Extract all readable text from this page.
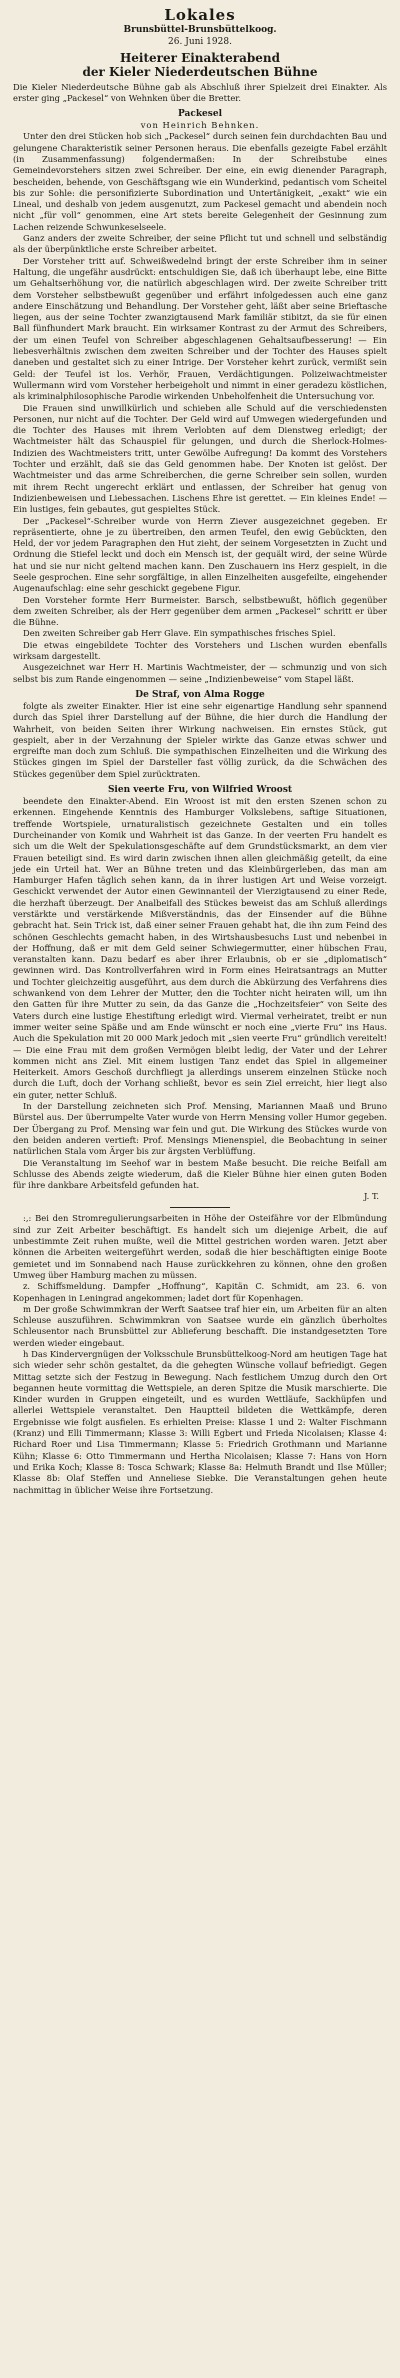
Lokales
Brunsbüttel-Brunsbüttelkoog.
26. Juni 1928.
Heiterer Einakterabend
der Kieler Niederdeutschen Bühne

Die Kieler Niederdeutsche Bühne gab als Abschluß ihrer Spielzeit drei Einakter. Als erster ging „Packesel“ von Wehnken über die Bretter.

Packesel
von Heinrich Behnken.

Unter den drei Stücken hob sich „Packesel“ durch seinen fein durchdachten Bau und gelungene Charakteristik seiner Personen heraus. Die ebenfalls gezeigte Fabel erzählt (in Zusammenfassung) folgendermaßen: In der Schreibstube eines Gemeindevorstehers sitzen zwei Schreiber. Der eine, ein ewig dienender Paragraph, bescheiden, behende, von Geschäftsgang wie ein Wunderkind, pedantisch vom Scheitel bis zur Sohle: die personifizierte Subordination und Untertänigkeit, „exakt“ wie ein Lineal, und deshalb von jedem ausgenutzt, zum Packesel gemacht und abendein noch nicht „für voll“ genommen, eine Art stets bereite Gelegenheit der Gesinnung zum Lachen reizende Schwunkeselseele.

Ganz anders der zweite Schreiber, der seine Pflicht tut und schnell und selbständig als der überpünktliche erste Schreiber arbeitet.

Der Vorsteher tritt auf. Schweißwedelnd bringt der erste Schreiber ihm in seiner Haltung, die ungefähr ausdrückt: entschuldigen Sie, daß ich überhaupt lebe, eine Bitte um Gehaltserhöhung vor, die natürlich abgeschlagen wird. Der zweite Schreiber tritt dem Vorsteher selbstbewußt gegenüber und erfährt infolgedessen auch eine ganz andere Einschätzung und Behandlung. Der Vorsteher geht, läßt aber seine Brieftasche liegen, aus der seine Tochter zwanzigtausend Mark familiär stibitzt, da sie für einen Ball fünfhundert Mark braucht. Ein wirksamer Kontrast zu der Armut des Schreibers, der um einen Teufel von Schreiber abgeschlagenen Gehaltsaufbesserung! — Ein liebesverhältnis zwischen dem zweiten Schreiber und der Tochter des Hauses spielt daneben und gestaltet sich zu einer Intrige. Der Vorsteher kehrt zurück, vermißt sein Geld: der Teufel ist los. Verhör, Frauen, Verdächtigungen. Polizeiwachtmeister Wullermann wird vom Vorsteher herbeigeholt und nimmt in einer geradezu köstlichen, als kriminalphilosophische Parodie wirkenden Unbeholfenheit die Untersuchung vor.

Die Frauen sind unwillkürlich und schieben alle Schuld auf die verschiedensten Personen, nur nicht auf die Tochter. Der Geld wird auf Umwegen wiedergefunden und die Tochter des Hauses mit ihrem Verlobten auf dem Dienstweg erledigt; der Wachtmeister hält das Schauspiel für gelungen, und durch die Sherlock-Holmes-Indizien des Wachtmeisters tritt, unter Gewölbe Aufregung! Da kommt des Vorstehers Tochter und erzählt, daß sie das Geld genommen habe. Der Knoten ist gelöst. Der Wachtmeister und das arme Schreiberchen, die gerne Schreiber sein sollen, wurden mit ihrem Recht ungerecht erklärt und entlassen, der Schreiber hat genug von Indizienbeweisen und Liebessachen. Lischens Ehre ist gerettet. — Ein kleines Ende! — Ein lustiges, fein gebautes, gut gespieltes Stück.

Der „Packesel“-Schreiber wurde von Herrn Ziever ausgezeichnet gegeben. Er repräsentierte, ohne je zu übertreiben, den armen Teufel, den ewig Gebückten, den Held, der vor jedem Paragraphen den Hut zieht, der seinem Vorgesetzten in Zucht und Ordnung die Stiefel leckt und doch ein Mensch ist, der gequält wird, der seine Würde hat und sie nur nicht geltend machen kann. Den Zuschauern ins Herz gespielt, in die Seele gesprochen. Eine sehr sorgfältige, in allen Einzelheiten ausgefeilte, eingehender Augenaufschlag: eine sehr geschickt gegebene Figur.

Den Vorsteher formte Herr Burmeister. Barsch, selbstbewußt, höflich gegenüber dem zweiten Schreiber, als der Herr gegenüber dem armen „Packesel“ schritt er über die Bühne.

Den zweiten Schreiber gab Herr Glave. Ein sympathisches frisches Spiel.

Die etwas eingebildete Tochter des Vorstehers und Lischen wurden ebenfalls wirksam dargestellt.

Ausgezeichnet war Herr H. Martinis Wachtmeister, der — schmunzig und von sich selbst bis zum Rande eingenommen — seine „Indizienbeweise“ vom Stapel läßt.

De Straf, von Alma Rogge

folgte als zweiter Einakter. Hier ist eine sehr eigenartige Handlung sehr spannend durch das Spiel ihrer Darstellung auf der Bühne, die hier durch die Handlung der Wahrheit, von beiden Seiten ihrer Wirkung nachweisen. Ein ernstes Stück, gut gespielt, aber in der Verzahnung der Spieler wirkte das Ganze etwas schwer und ergreifte man doch zum Schluß. Die sympathischen Einzelheiten und die Wirkung des Stückes gingen im Spiel der Darsteller fast völlig zurück, da die Schwächen des Stückes gegenüber dem Spiel zurücktraten.

Sien veerte Fru, von Wilfried Wroost

beendete den Einakter-Abend. Ein Wroost ist mit den ersten Szenen schon zu erkennen. Eingehende Kenntnis des Hamburger Volkslebens, saftige Situationen, treffende Wortspiele, urnaturalistisch gezeichnete Gestalten und ein tolles Durcheinander von Komik und Wahrheit ist das Ganze. In der veerten Fru handelt es sich um die Welt der Spekulationsgeschäfte auf dem Grundstücksmarkt, an dem vier Frauen beteiligt sind. Es wird darin zwischen ihnen allen gleichmäßig geteilt, da eine jede ein Urteil hat. Wer an Bühne treten und das Kleinbürgerleben, das man am Hamburger Hafen täglich sehen kann, da in ihrer lustigen Art und Weise vorzeigt. Geschickt verwendet der Autor einen Gewinnanteil der Vierzigtausend zu einer Rede, die herzhaft überzeugt. Der Analbeifall des Stückes beweist das am Schluß allerdings verstärkte und verstärkende Mißverständnis, das der Einsender auf die Bühne gebracht hat. Sein Trick ist, daß einer seiner Frauen gehabt hat, die ihn zum Feind des schönen Geschlechts gemacht haben, in des Wirtshausbesuchs Lust und nebenbei in der Hoffnung, daß er mit dem Geld seiner Schwiegermutter, einer hübschen Frau, veranstalten kann. Dazu bedarf es aber ihrer Erlaubnis, ob er sie „diplomatisch“ gewinnen wird. Das Kontrollverfahren wird in Form eines Heiratsantrags an Mutter und Tochter gleichzeitig ausgeführt, aus dem durch die Abkürzung des Verfahrens dies schwankend von dem Lehrer der Mutter, den die Tochter nicht heiraten will, um ihn den Gatten für ihre Mutter zu sein, da das Ganze die „Hochzeitsfeier“ von Seite des Vaters durch eine lustige Ehestiftung erledigt wird. Viermal verheiratet, treibt er nun immer weiter seine Späße und am Ende wünscht er noch eine „vierte Fru“ ins Haus. Auch die Spekulation mit 20 000 Mark jedoch mit „sien veerte Fru“ gründlich vereitelt! — Die eine Frau mit dem großen Vermögen bleibt ledig, der Vater und der Lehrer kommen nicht ans Ziel. Mit einem lustigen Tanz endet das Spiel in allgemeiner Heiterkeit. Amors Geschoß durchfliegt ja allerdings unserem einzelnen Stücke noch durch die Luft, doch der Vorhang schließt, bevor es sein Ziel erreicht, hier liegt also ein guter, netter Schluß.

In der Darstellung zeichneten sich Prof. Mensing, Mariannen Maaß und Bruno Bürstel aus. Der überrumpelte Vater wurde von Herrn Mensing voller Humor gegeben. Der Übergang zu Prof. Mensing war fein und gut. Die Wirkung des Stückes wurde von den beiden anderen vertieft: Prof. Mensings Mienenspiel, die Beobachtung in seiner natürlichen Stala vom Ärger bis zur ärgsten Verblüffung.

Die Veranstaltung im Seehof war in bestem Maße besucht. Die reiche Beifall am Schlusse des Abends zeigte wiederum, daß die Kieler Bühne hier einen guten Boden für ihre dankbare Arbeitsfeld gefunden hat.

J. T.

:,: Bei den Stromregulierungsarbeiten in Höhe der Osteifähre vor der Elbmündung sind zur Zeit Arbeiter beschäftigt. Es handelt sich um diejenige Arbeit, die auf unbestimmte Zeit ruhen mußte, weil die Mittel gestrichen worden waren. Jetzt aber können die Arbeiten weitergeführt werden, sodaß die hier beschäftigten einige Boote gemietet und im Sonnabend nach Hause zurückkehren zu können, ohne den großen Umweg über Hamburg machen zu müssen.

z. Schiffsmeldung. Dampfer „Hoffnung“, Kapitän C. Schmidt, am 23. 6. von Kopenhagen in Leningrad angekommen; ladet dort für Kopenhagen.

m Der große Schwimmkran der Werft Saatsee traf hier ein, um Arbeiten für an alten Schleuse auszuführen. Schwimmkran von Saatsee wurde ein gänzlich überholtes Schleusentor nach Brunsbüttel zur Ablieferung beschafft. Die instandgesetzten Tore werden wieder eingebaut.

h Das Kindervergnügen der Volksschule Brunsbüttelkoog-Nord am heutigen Tage hat sich wieder sehr schön gestaltet, da die gehegten Wünsche vollauf befriedigt. Gegen Mittag setzte sich der Festzug in Bewegung. Nach festlichem Umzug durch den Ort begannen heute vormittag die Wettspiele, an deren Spitze die Musik marschierte. Die Kinder wurden in Gruppen eingeteilt, und es wurden Wettläufe, Sackhüpfen und allerlei Wettspiele veranstaltet. Den Hauptteil bildeten die Wettkämpfe, deren Ergebnisse wie folgt ausfielen. Es erhielten Preise: Klasse 1 und 2: Walter Fischmann (Kranz) und Elli Timmermann; Klasse 3: Willi Egbert und Frieda Nicolaisen; Klasse 4: Richard Roer und Lisa Timmermann; Klasse 5: Friedrich Grothmann und Marianne Kühn; Klasse 6: Otto Timmermann und Hertha Nicolaisen; Klasse 7: Hans von Horn und Erika Koch; Klasse 8: Tosca Schwark; Klasse 8a: Helmuth Brandt und Ilse Müller; Klasse 8b: Olaf Steffen und Anneliese Siebke. Die Veranstaltungen gehen heute nachmittag in üblicher Weise ihre Fortsetzung.
